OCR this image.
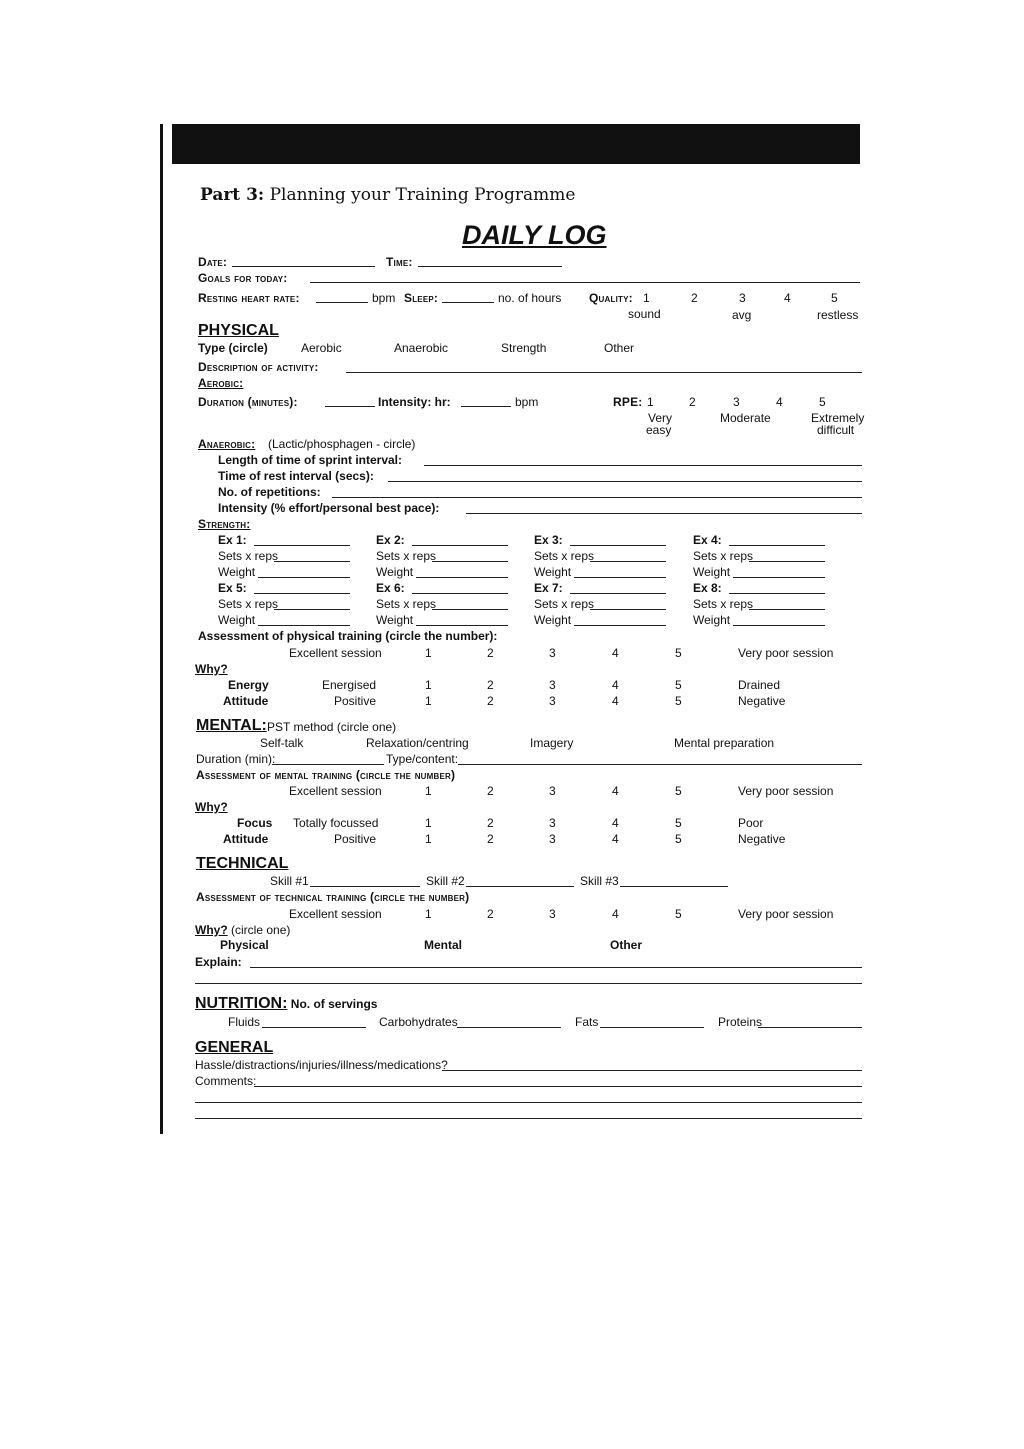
Part 3: Planning your Training Programme
DAILY LOG
Date:	Time:
Goals for today:
Resting heart rate:	bpm Sleep:	no. of hours Quality: 1	2	3	4	5
sound	avg	restless
PHYSICAL
Type (circle)	Aerobic	Anaerobic	Strength	Other
Description of activity:
Aerobic:
Duration (minutes):	Intensity: hr:	bpm	RPE: 1	2	3	4	5
Very
easy
Moderate	Extremely
difficult
Anaerobic: (Lactic/phosphagen - circle)
Length of time of sprint interval:
Time of rest interval (secs):
No. of repetitions:
Intensity (% effort/personal best pace):
Strength:
Ex 1:	Ex 2:	Ex 3:	Ex 4:
Sets x reps	Sets x reps	Sets x reps	Sets x reps
Weight	Weight	Weight	Weight
Ex 5:	Ex 6:	Ex 7:	Ex 8:
Sets x reps	Sets x reps	Sets x reps	Sets x reps
Weight	Weight	Weight	Weight
Assessment of physical training (circle the number):
Excellent session	1	2	3	4	5	Very poor session
Why?
Energy	Energised	1	2	3	4	5	Drained
Attitude	Positive	1	2	3	4	5	Negative
MENTAL: PST method (circle one)
Self-talk	Relaxation/centring	Imagery	Mental preparation
Duration (min):	Type/content:
Assessment of mental training (circle the number)
Excellent session	1	2	3	4	5	Very poor session
Why?
Focus Totally focussed	1	2	3	4	5	Poor
Attitude	Positive	1	2	3	4	5	Negative
TECHNICAL
Skill #1	Skill #2	Skill #3
Assessment of technical training (circle the number)
Excellent session	1	2	3	4	5	Very poor session
Why? (circle one)
Physical	Mental	Other
Explain:
NUTRITION: No. of servings
Fluids	Carbohydrates	Fats	Proteins
GENERAL
Hassle/distractions/injuries/illness/medications?
Comments:
